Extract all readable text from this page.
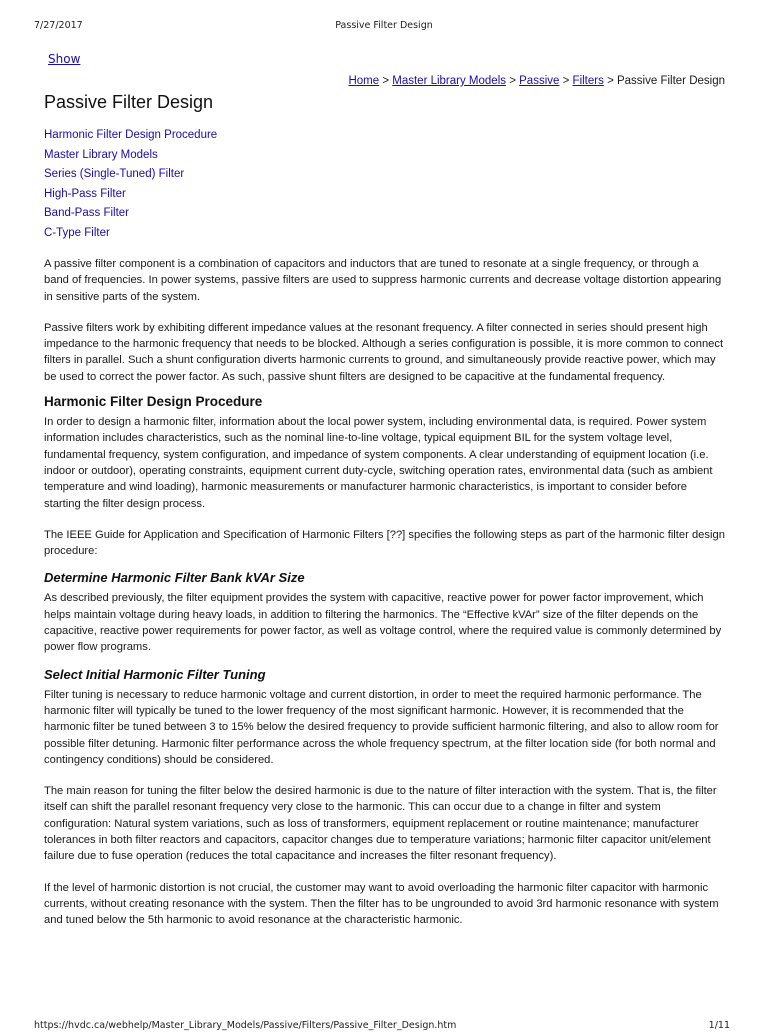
7/27/2017	Passive Filter Design
Show
Home > Master Library Models > Passive > Filters > Passive Filter Design
Passive Filter Design
Harmonic Filter Design Procedure
Master Library Models
Series (Single-Tuned) Filter
High-Pass Filter
Band-Pass Filter
C-Type Filter

A passive filter component is a combination of capacitors and inductors that are tuned to resonate at a single frequency, or through a band of frequencies. In power systems, passive filters are used to suppress harmonic currents and decrease voltage distortion appearing in sensitive parts of the system.

Passive filters work by exhibiting different impedance values at the resonant frequency. A filter connected in series should present high impedance to the harmonic frequency that needs to be blocked. Although a series configuration is possible, it is more common to connect filters in parallel. Such a shunt configuration diverts harmonic currents to ground, and simultaneously provide reactive power, which may be used to correct the power factor. As such, passive shunt filters are designed to be capacitive at the fundamental frequency.

Harmonic Filter Design Procedure

In order to design a harmonic filter, information about the local power system, including environmental data, is required. Power system information includes characteristics, such as the nominal line-to-line voltage, typical equipment BIL for the system voltage level, fundamental frequency, system configuration, and impedance of system components. A clear understanding of equipment location (i.e. indoor or outdoor), operating constraints, equipment current duty-cycle, switching operation rates, environmental data (such as ambient temperature and wind loading), harmonic measurements or manufacturer harmonic characteristics, is important to consider before starting the filter design process.

The IEEE Guide for Application and Specification of Harmonic Filters [??] specifies the following steps as part of the harmonic filter design procedure:

Determine Harmonic Filter Bank kVAr Size

As described previously, the filter equipment provides the system with capacitive, reactive power for power factor improvement, which helps maintain voltage during heavy loads, in addition to filtering the harmonics. The “Effective kVAr” size of the filter depends on the capacitive, reactive power requirements for power factor, as well as voltage control, where the required value is commonly determined by power flow programs.

Select Initial Harmonic Filter Tuning

Filter tuning is necessary to reduce harmonic voltage and current distortion, in order to meet the required harmonic performance. The harmonic filter will typically be tuned to the lower frequency of the most significant harmonic. However, it is recommended that the harmonic filter be tuned between 3 to 15% below the desired frequency to provide sufficient harmonic filtering, and also to allow room for possible filter detuning. Harmonic filter performance across the whole frequency spectrum, at the filter location side (for both normal and contingency conditions) should be considered.

The main reason for tuning the filter below the desired harmonic is due to the nature of filter interaction with the system. That is, the filter itself can shift the parallel resonant frequency very close to the harmonic. This can occur due to a change in filter and system configuration: Natural system variations, such as loss of transformers, equipment replacement or routine maintenance; manufacturer tolerances in both filter reactors and capacitors, capacitor changes due to temperature variations; harmonic filter capacitor unit/element failure due to fuse operation (reduces the total capacitance and increases the filter resonant frequency).

If the level of harmonic distortion is not crucial, the customer may want to avoid overloading the harmonic filter capacitor with harmonic currents, without creating resonance with the system. Then the filter has to be ungrounded to avoid 3rd harmonic resonance with system and tuned below the 5th harmonic to avoid resonance at the characteristic harmonic.

https://hvdc.ca/webhelp/Master_Library_Models/Passive/Filters/Passive_Filter_Design.htm	1/11
